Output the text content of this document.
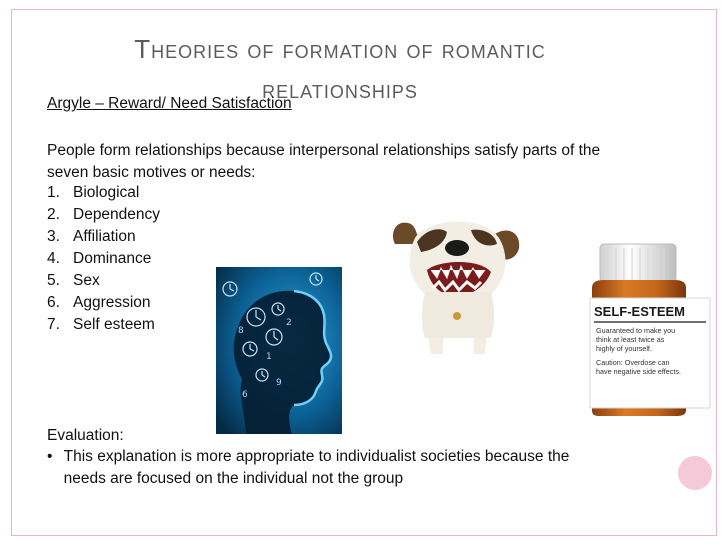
Theories of formation of romantic
relationships
Argyle – Reward/ Need Satisfaction
People form relationships because interpersonal relationships satisfy parts of the seven basic motives or needs:
1. Biological
2. Dependency
3. Affiliation
4. Dominance
5. Sex
6. Aggression
7. Self esteem	8
1
2
6
9
SELF-ESTEEM
Guaranteed to make you
think at least twice as
highly of yourself.
Caution: Overdose can
have negative side effects.
Evaluation:
• This explanation is more appropriate to individualist societies because the needs are focused on the individual not the group
